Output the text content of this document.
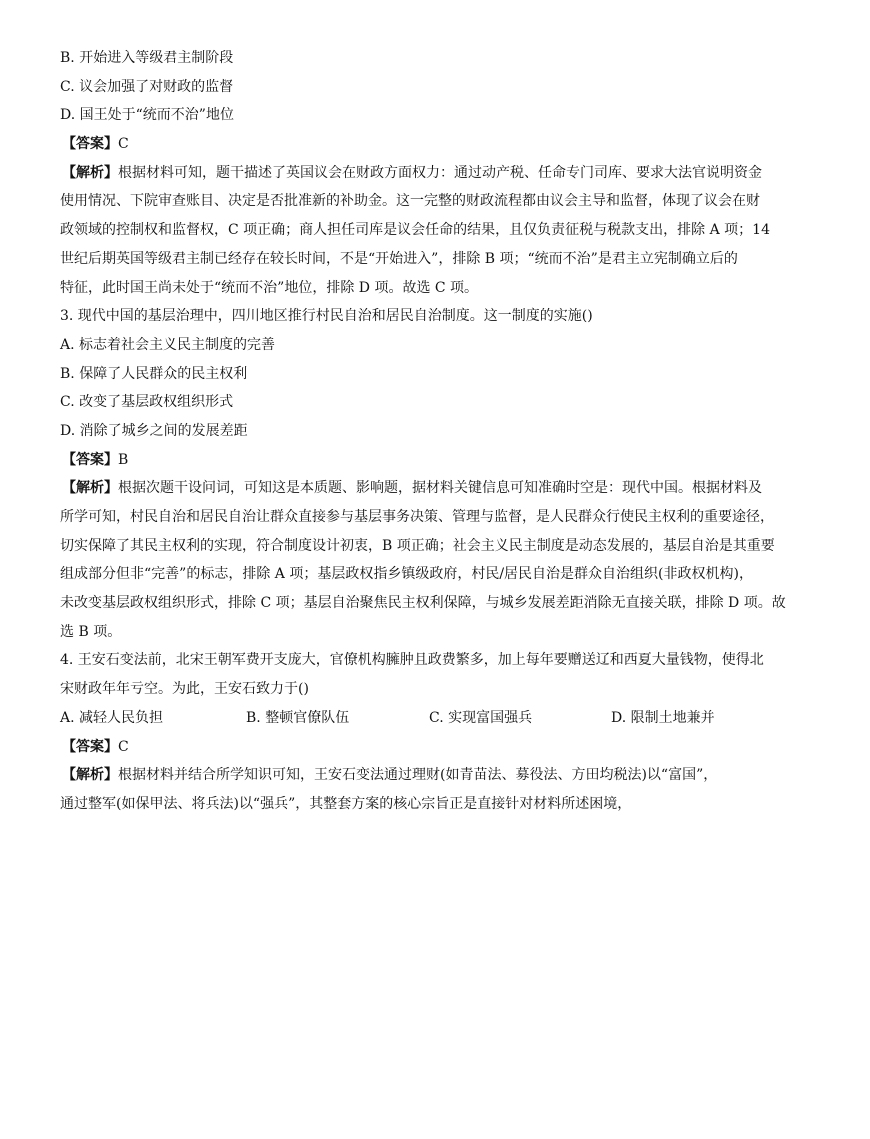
B. 开始进入等级君主制阶段
C. 议会加强了对财政的监督
D. 国王处于“统而不治”地位
【答案】C
【解析】根据材料可知，题干描述了英国议会在财政方面权力：通过动产税、任命专门司库、要求大法官说明资金
使用情况、下院审查账目、决定是否批准新的补助金。这一完整的财政流程都由议会主导和监督，体现了议会在财
政领域的控制权和监督权，C 项正确；商人担任司库是议会任命的结果，且仅负责征税与税款支出，排除 A 项；14
世纪后期英国等级君主制已经存在较长时间，不是“开始进入”，排除 B 项；“统而不治”是君主立宪制确立后的
特征，此时国王尚未处于“统而不治”地位，排除 D 项。故选 C 项。
3. 现代中国的基层治理中，四川地区推行村民自治和居民自治制度。这一制度的实施()
A. 标志着社会主义民主制度的完善
B. 保障了人民群众的民主权利
C. 改变了基层政权组织形式
D. 消除了城乡之间的发展差距
【答案】B
【解析】根据次题干设问词，可知这是本质题、影响题，据材料关键信息可知准确时空是：现代中国。根据材料及
所学可知，村民自治和居民自治让群众直接参与基层事务决策、管理与监督，是人民群众行使民主权利的重要途径，
切实保障了其民主权利的实现，符合制度设计初衷，B 项正确；社会主义民主制度是动态发展的，基层自治是其重要
组成部分但非“完善”的标志，排除 A 项；基层政权指乡镇级政府，村民/居民自治是群众自治组织(非政权机构)，
未改变基层政权组织形式，排除 C 项；基层自治聚焦民主权利保障，与城乡发展差距消除无直接关联，排除 D 项。故
选 B 项。
4. 王安石变法前，北宋王朝军费开支庞大，官僚机构臃肿且政费繁多，加上每年要赠送辽和西夏大量钱物，使得北
宋财政年年亏空。为此，王安石致力于()
A. 减轻人民负担	B. 整顿官僚队伍	C. 实现富国强兵	D. 限制土地兼并
【答案】C
【解析】根据材料并结合所学知识可知，王安石变法通过理财(如青苗法、募役法、方田均税法)以“富国”，
通过整军(如保甲法、将兵法)以“强兵”，其整套方案的核心宗旨正是直接针对材料所述困境，
